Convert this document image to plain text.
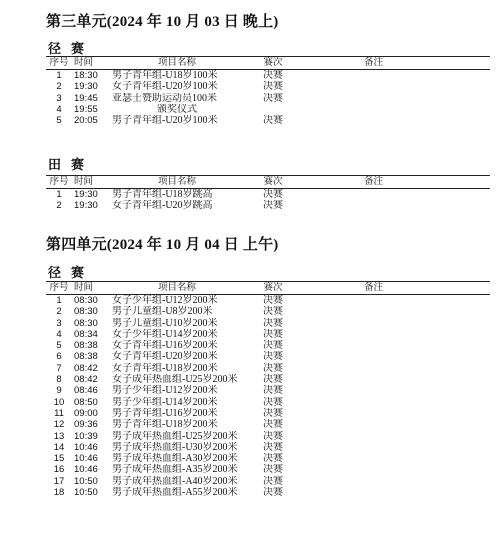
第三单元(2024 年 10 月 03 日 晚上)
径赛
序号	时间	项目名称	赛次	备注
1	18:30	男子青年组-U18岁100米	决赛	
2	19:30	女子青年组-U20岁100米	决赛	
3	19:45	亚瑟士赞助运动员100米	决赛	
4	19:55	颁奖仪式		
5	20:05	男子青年组-U20岁100米	决赛	
田赛
序号	时间	项目名称	赛次	备注
1	19:30	男子青年组-U18岁跳高	决赛	
2	19:30	女子青年组-U20岁跳高	决赛	
第四单元(2024 年 10 月 04 日 上午)
径赛
序号	时间	项目名称	赛次	备注
1	08:30	女子少年组-U12岁200米	决赛	
2	08:30	男子儿童组-U8岁200米	决赛	
3	08:30	男子儿童组-U10岁200米	决赛	
4	08:34	女子少年组-U14岁200米	决赛	
5	08:38	女子青年组-U16岁200米	决赛	
6	08:38	女子青年组-U20岁200米	决赛	
7	08:42	女子青年组-U18岁200米	决赛	
8	08:42	女子成年热血组-U25岁200米	决赛	
9	08:46	男子少年组-U12岁200米	决赛	
10	08:50	男子少年组-U14岁200米	决赛	
11	09:00	男子青年组-U16岁200米	决赛	
12	09:36	男子青年组-U18岁200米	决赛	
13	10:39	男子成年热血组-U25岁200米	决赛	
14	10:46	男子成年热血组-U30岁200米	决赛	
15	10:46	男子成年热血组-A30岁200米	决赛	
16	10:46	男子成年热血组-A35岁200米	决赛	
17	10:50	男子成年热血组-A40岁200米	决赛	
18	10:50	男子成年热血组-A55岁200米	决赛	
